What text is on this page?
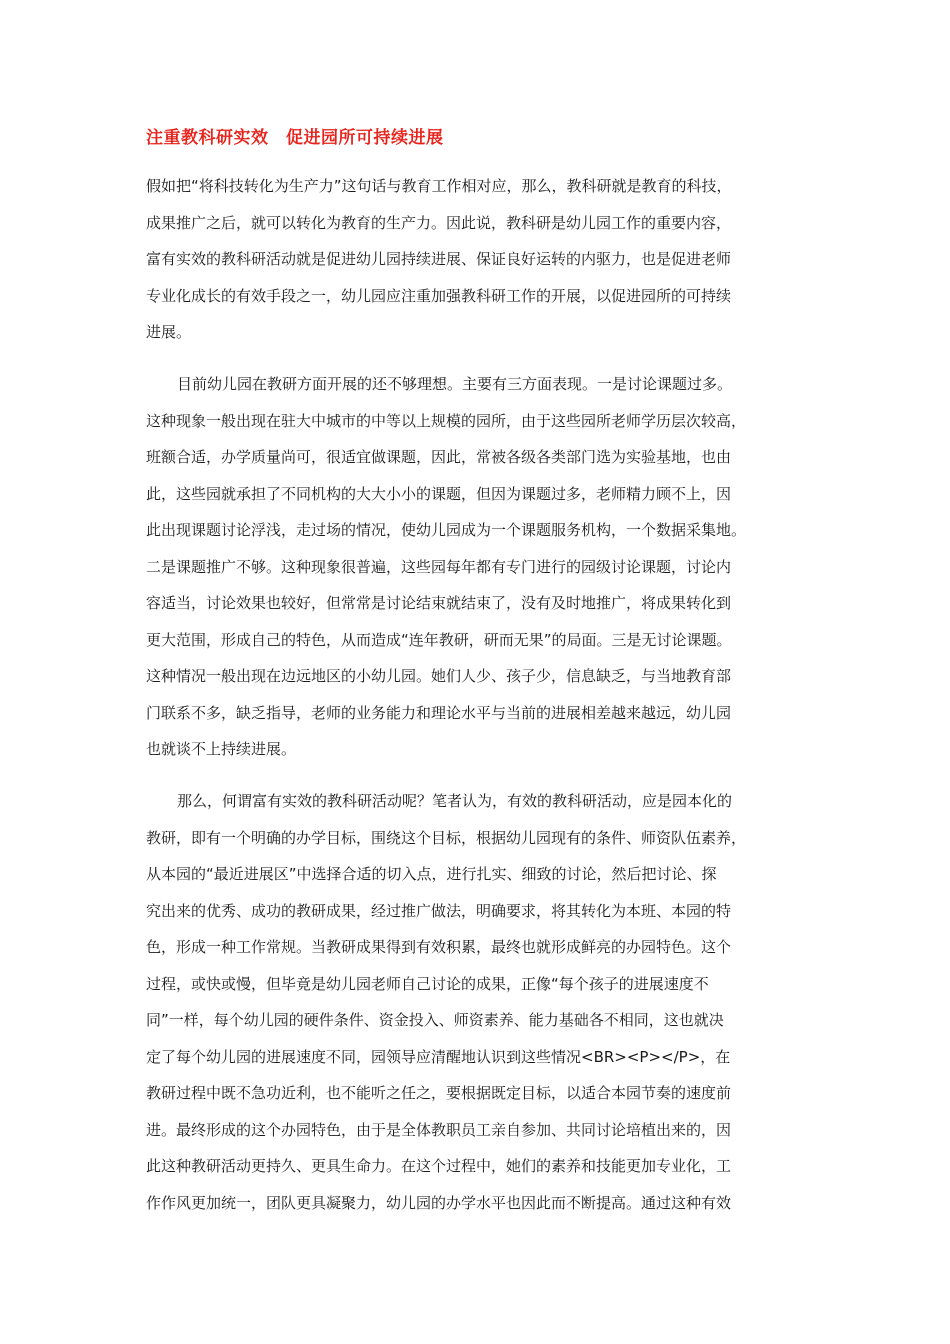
注重教科研实效　促进园所可持续进展

假如把“将科技转化为生产力”这句话与教育工作相对应，那么，教科研就是教育的科技，
成果推广之后，就可以转化为教育的生产力。因此说，教科研是幼儿园工作的重要内容，
富有实效的教科研活动就是促进幼儿园持续进展、保证良好运转的内驱力，也是促进老师
专业化成长的有效手段之一，幼儿园应注重加强教科研工作的开展，以促进园所的可持续
进展。

目前幼儿园在教研方面开展的还不够理想。主要有三方面表现。一是讨论课题过多。
这种现象一般出现在驻大中城市的中等以上规模的园所，由于这些园所老师学历层次较高，
班额合适，办学质量尚可，很适宜做课题，因此，常被各级各类部门选为实验基地，也由
此，这些园就承担了不同机构的大大小小的课题，但因为课题过多，老师精力顾不上，因
此出现课题讨论浮浅，走过场的情况，使幼儿园成为一个课题服务机构，一个数据采集地。
二是课题推广不够。这种现象很普遍，这些园每年都有专门进行的园级讨论课题，讨论内
容适当，讨论效果也较好，但常常是讨论结束就结束了，没有及时地推广，将成果转化到
更大范围，形成自己的特色，从而造成“连年教研，研而无果”的局面。三是无讨论课题。
这种情况一般出现在边远地区的小幼儿园。她们人少、孩子少，信息缺乏，与当地教育部
门联系不多，缺乏指导，老师的业务能力和理论水平与当前的进展相差越来越远，幼儿园
也就谈不上持续进展。

那么，何谓富有实效的教科研活动呢？笔者认为，有效的教科研活动，应是园本化的
教研，即有一个明确的办学目标，围绕这个目标，根据幼儿园现有的条件、师资队伍素养，
从本园的“最近进展区”中选择合适的切入点，进行扎实、细致的讨论，然后把讨论、探
究出来的优秀、成功的教研成果，经过推广做法，明确要求，将其转化为本班、本园的特
色，形成一种工作常规。当教研成果得到有效积累，最终也就形成鲜亮的办园特色。这个
过程，或快或慢，但毕竟是幼儿园老师自己讨论的成果，正像“每个孩子的进展速度不
同”一样，每个幼儿园的硬件条件、资金投入、师资素养、能力基础各不相同，这也就决
定了每个幼儿园的进展速度不同，园领导应清醒地认识到这些情况<BR><P></P>，在
教研过程中既不急功近利，也不能听之任之，要根据既定目标，以适合本园节奏的速度前
进。最终形成的这个办园特色，由于是全体教职员工亲自参加、共同讨论培植出来的，因
此这种教研活动更持久、更具生命力。在这个过程中，她们的素养和技能更加专业化，工
作作风更加统一，团队更具凝聚力，幼儿园的办学水平也因此而不断提高。通过这种有效
